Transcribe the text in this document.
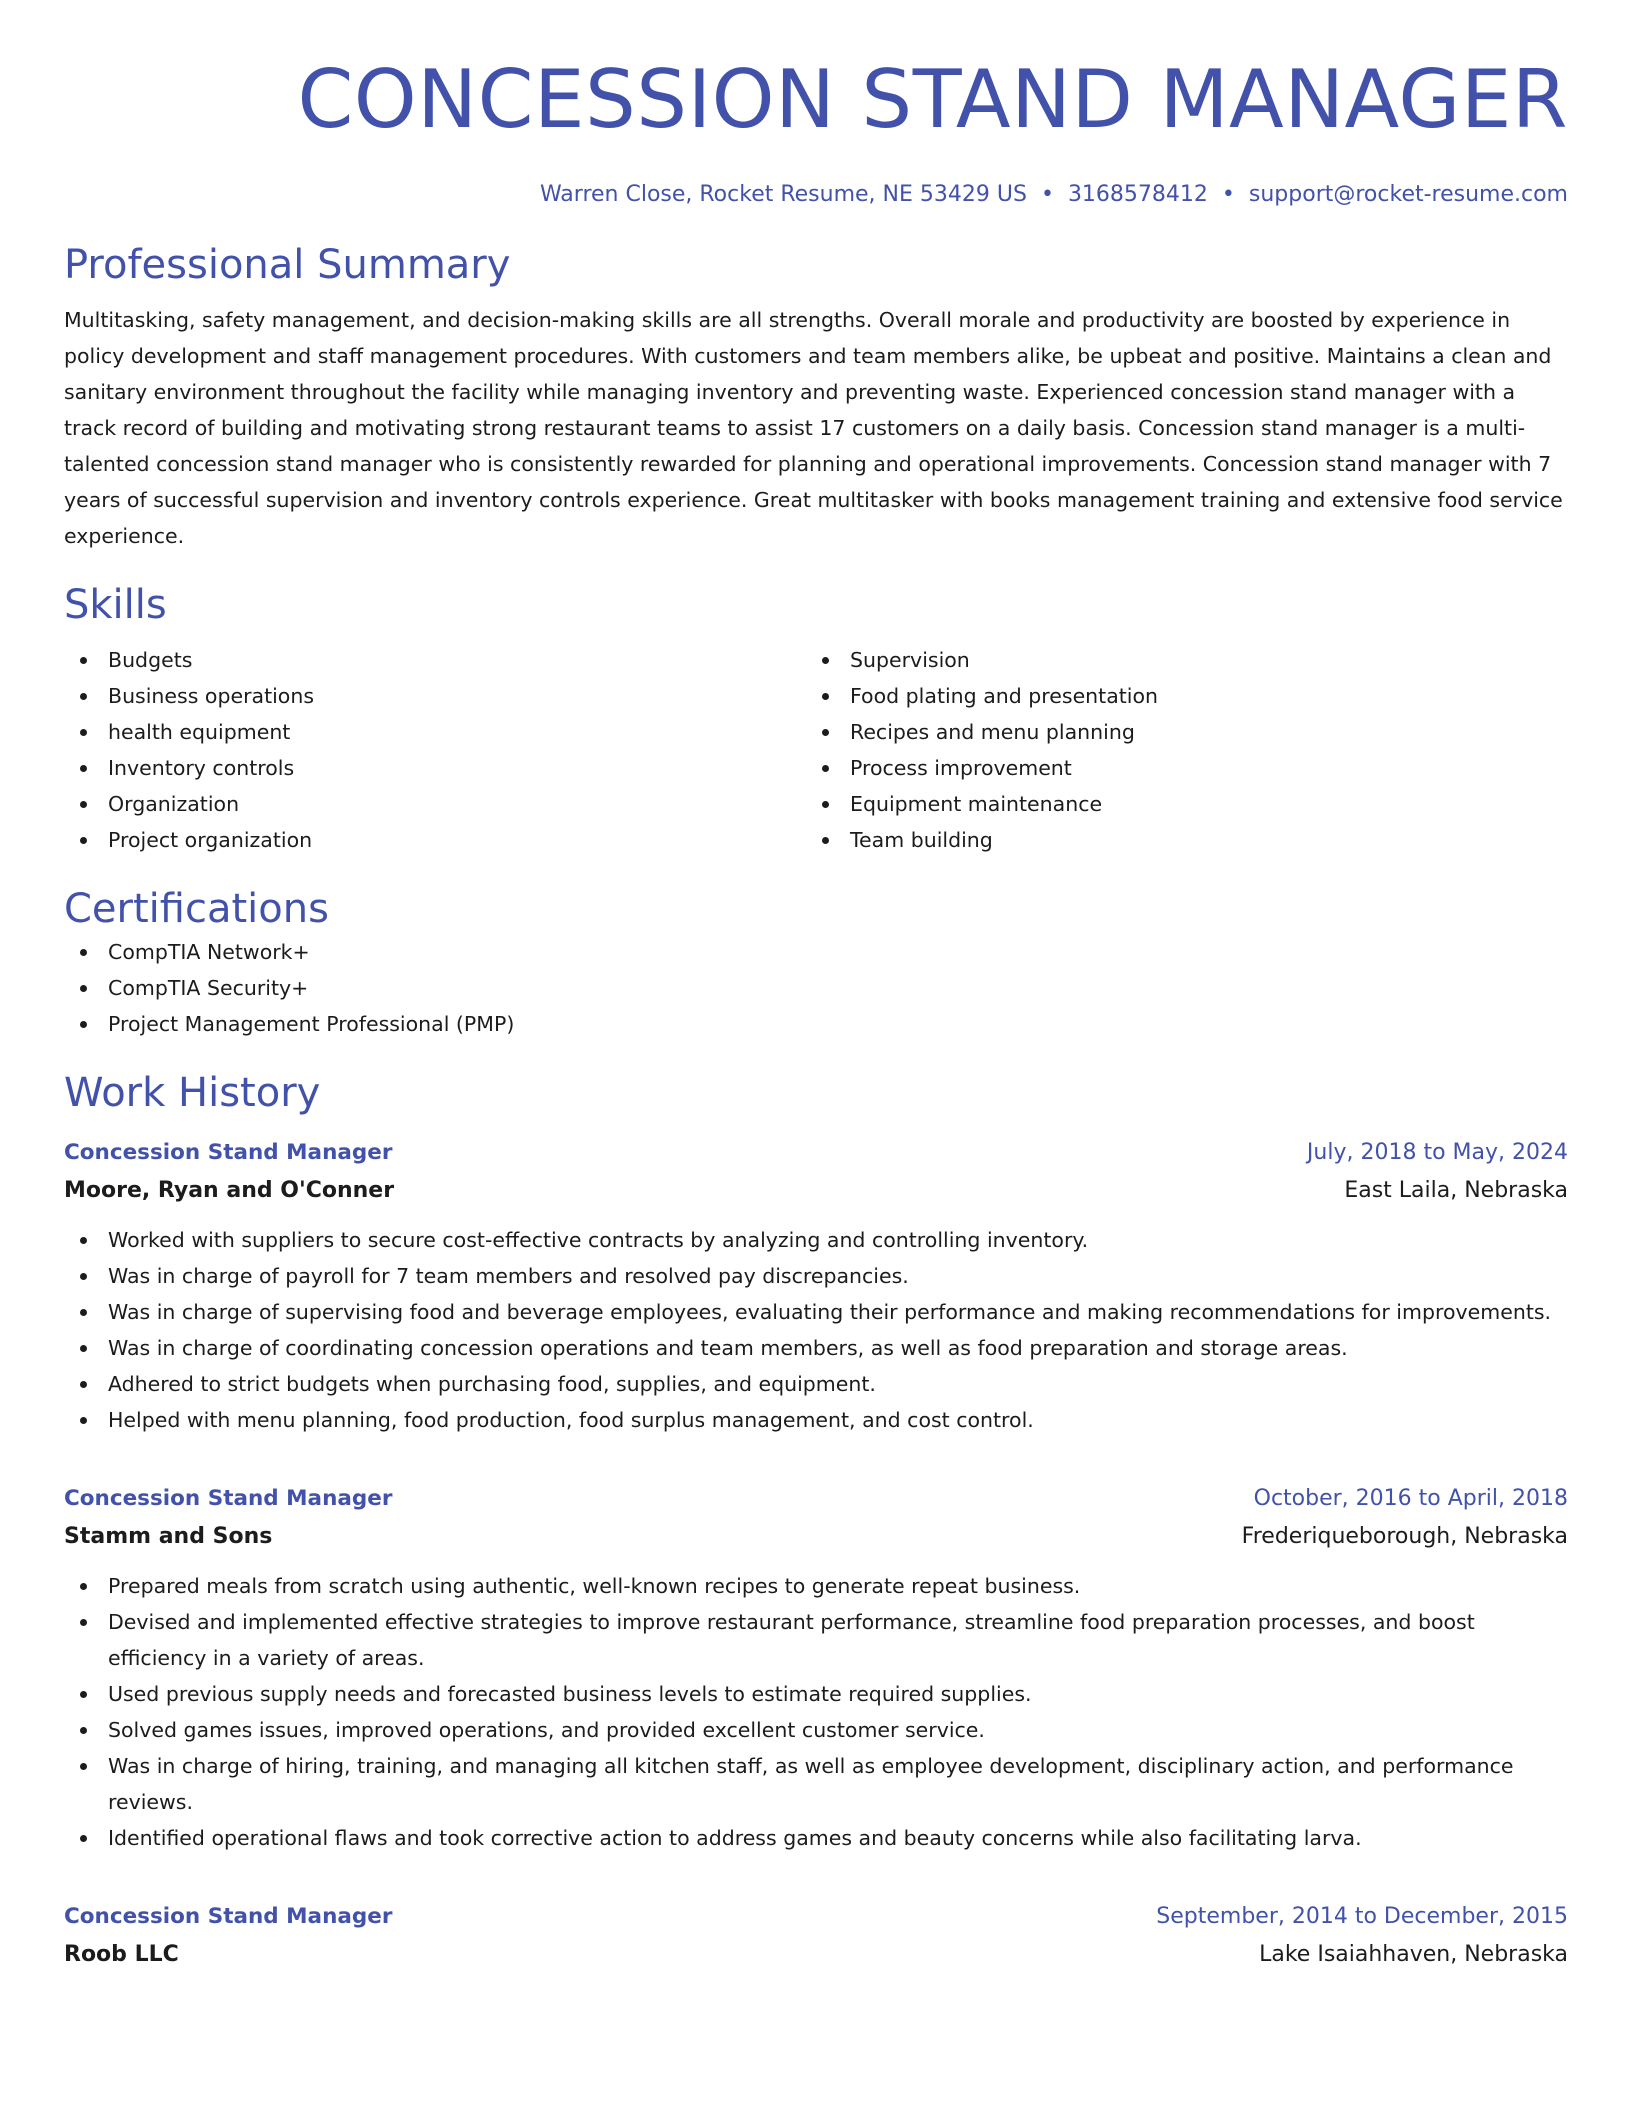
CONCESSION STAND MANAGER
Warren Close, Rocket Resume, NE 53429 US • 3168578412 • support@rocket-resume.com
Professional Summary
Multitasking, safety management, and decision-making skills are all strengths. Overall morale and productivity are boosted by experience in policy development and staff management procedures. With customers and team members alike, be upbeat and positive. Maintains a clean and sanitary environment throughout the facility while managing inventory and preventing waste. Experienced concession stand manager with a track record of building and motivating strong restaurant teams to assist 17 customers on a daily basis. Concession stand manager is a multi-talented concession stand manager who is consistently rewarded for planning and operational improvements. Concession stand manager with 7 years of successful supervision and inventory controls experience. Great multitasker with books management training and extensive food service experience.
Skills
Budgets
Business operations
health equipment
Inventory controls
Organization
Project organization
Supervision
Food plating and presentation
Recipes and menu planning
Process improvement
Equipment maintenance
Team building
Certifications
CompTIA Network+
CompTIA Security+
Project Management Professional (PMP)
Work History
Concession Stand Manager	July, 2018 to May, 2024
Moore, Ryan and O'Conner	East Laila, Nebraska
Worked with suppliers to secure cost-effective contracts by analyzing and controlling inventory.
Was in charge of payroll for 7 team members and resolved pay discrepancies.
Was in charge of supervising food and beverage employees, evaluating their performance and making recommendations for improvements.
Was in charge of coordinating concession operations and team members, as well as food preparation and storage areas.
Adhered to strict budgets when purchasing food, supplies, and equipment.
Helped with menu planning, food production, food surplus management, and cost control.
Concession Stand Manager	October, 2016 to April, 2018
Stamm and Sons	Frederiqueborough, Nebraska
Prepared meals from scratch using authentic, well-known recipes to generate repeat business.
Devised and implemented effective strategies to improve restaurant performance, streamline food preparation processes, and boost efficiency in a variety of areas.
Used previous supply needs and forecasted business levels to estimate required supplies.
Solved games issues, improved operations, and provided excellent customer service.
Was in charge of hiring, training, and managing all kitchen staff, as well as employee development, disciplinary action, and performance reviews.
Identified operational flaws and took corrective action to address games and beauty concerns while also facilitating larva.
Concession Stand Manager	September, 2014 to December, 2015
Roob LLC	Lake Isaiahhaven, Nebraska
